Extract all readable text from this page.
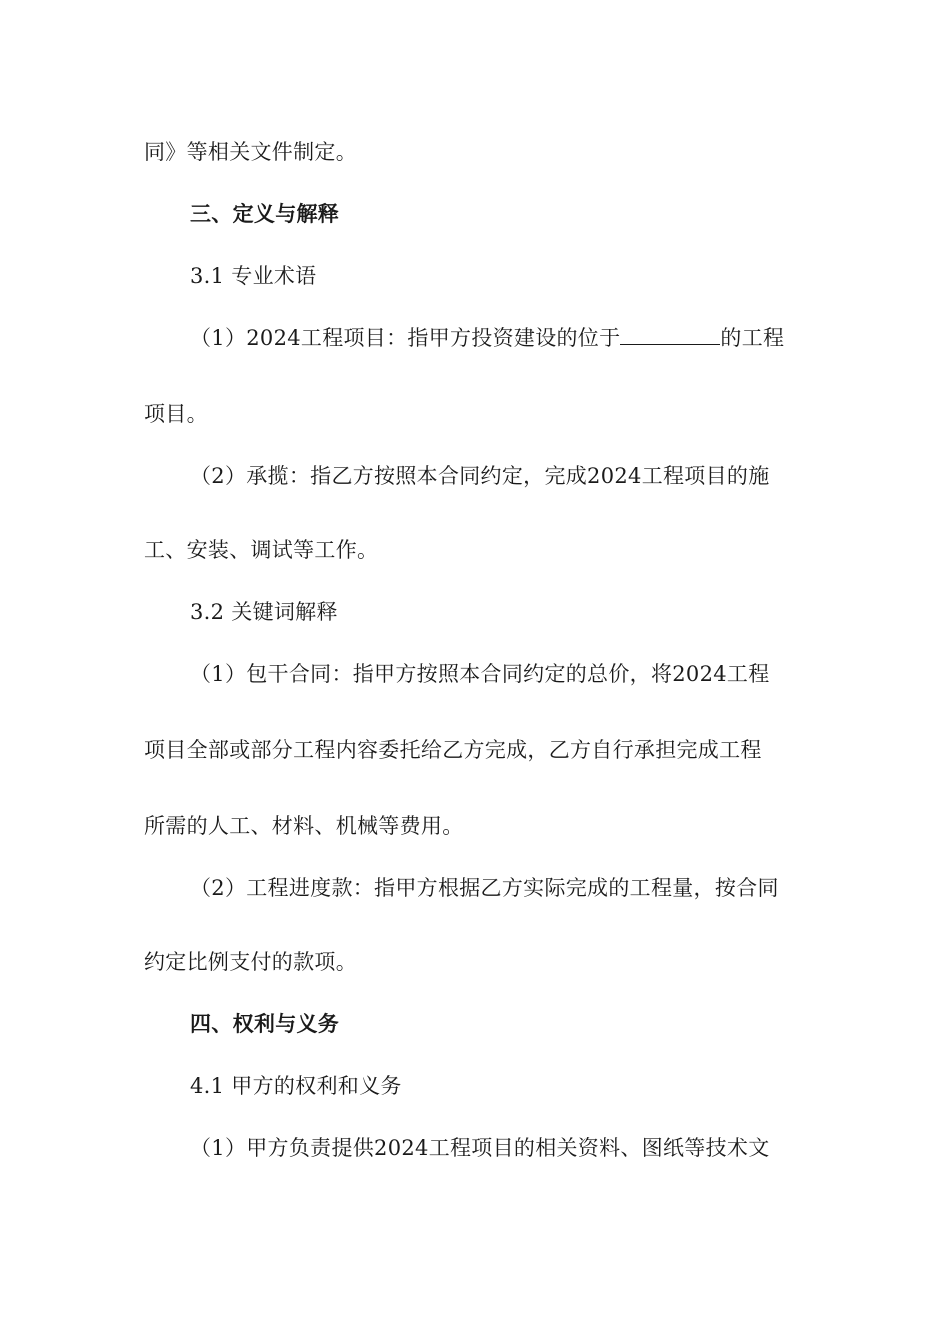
同》等相关文件制定。
三、定义与解释
3.1 专业术语
（1）2024工程项目：指甲方投资建设的位于	的工程
项目。
（2）承揽：指乙方按照本合同约定，完成2024工程项目的施
工、安装、调试等工作。
3.2 关键词解释
（1）包干合同：指甲方按照本合同约定的总价，将2024工程
项目全部或部分工程内容委托给乙方完成，乙方自行承担完成工程
所需的人工、材料、机械等费用。
（2）工程进度款：指甲方根据乙方实际完成的工程量，按合同
约定比例支付的款项。
四、权利与义务
4.1 甲方的权利和义务
（1）甲方负责提供2024工程项目的相关资料、图纸等技术文
